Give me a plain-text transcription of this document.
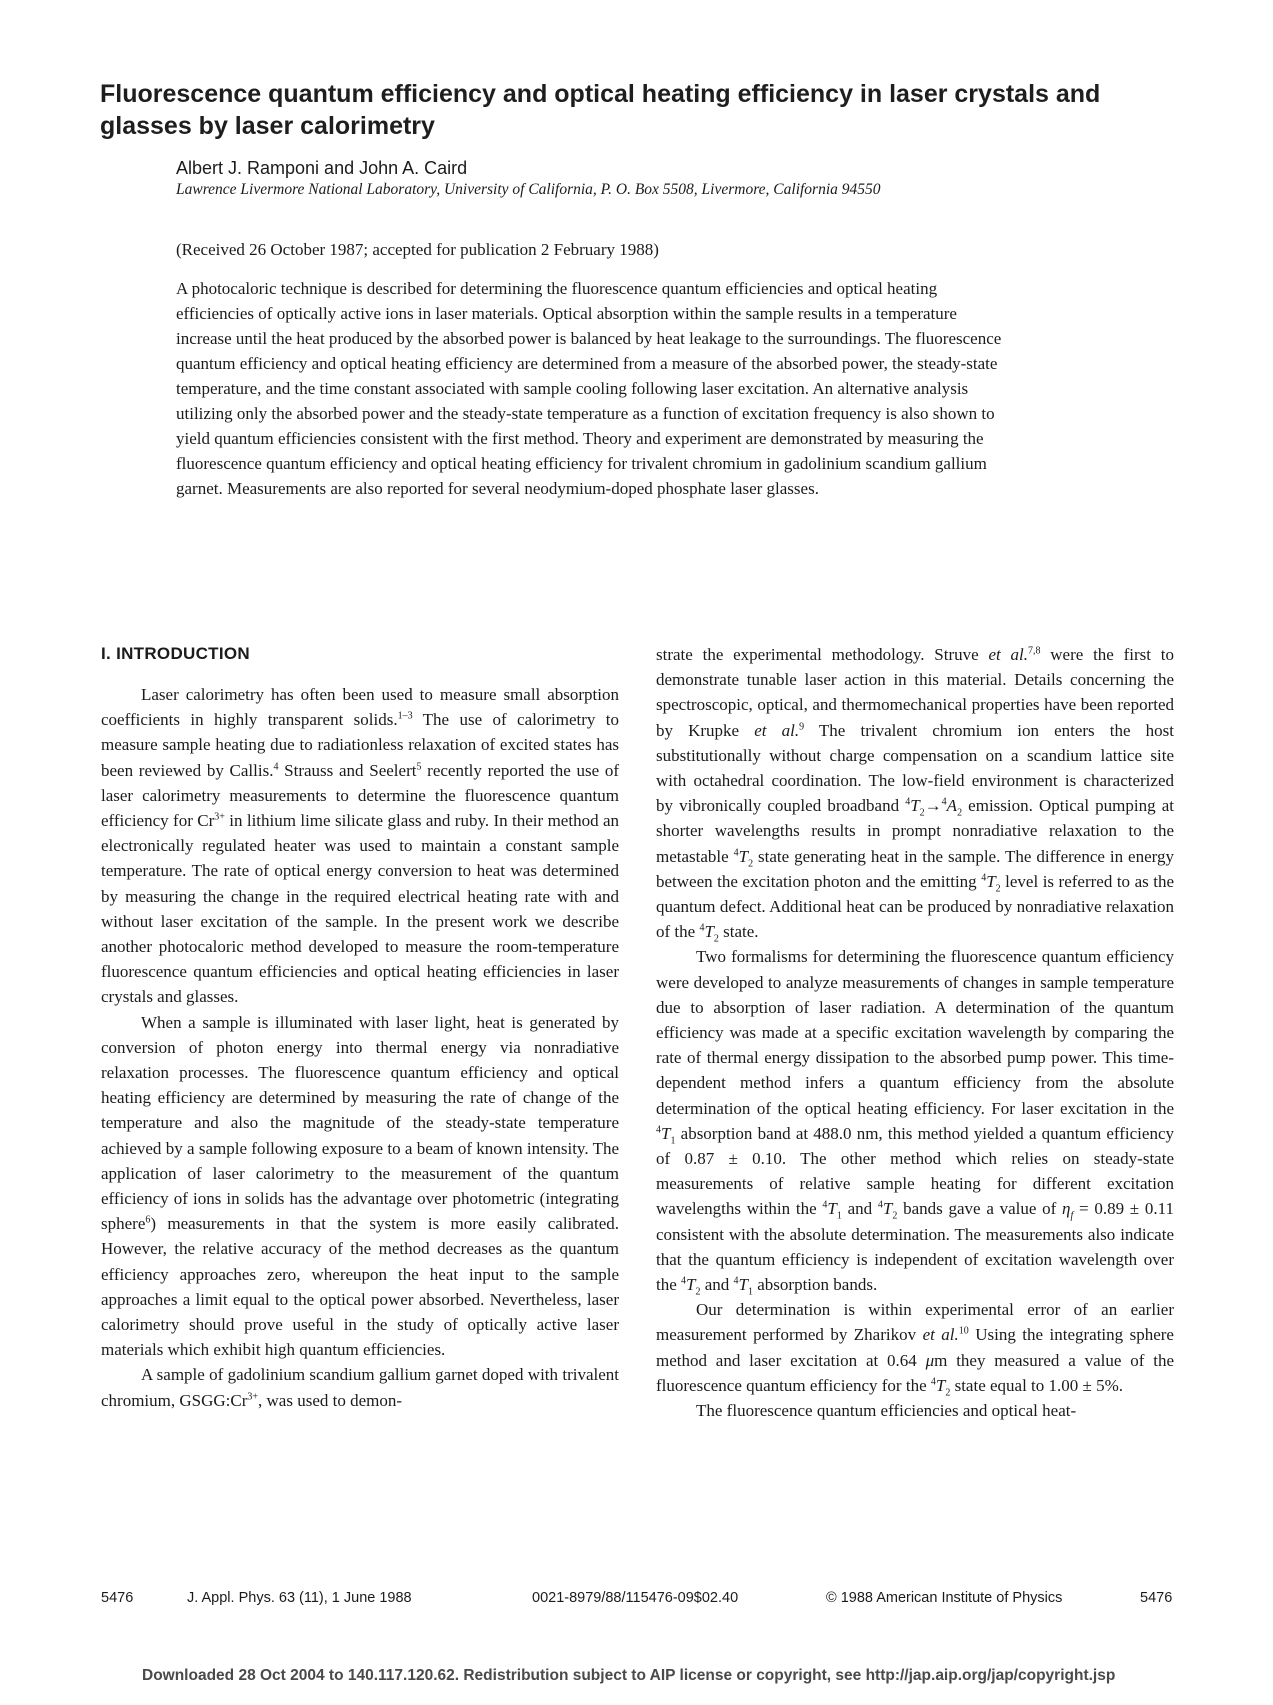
Fluorescence quantum efficiency and optical heating efficiency in laser crystals and glasses by laser calorimetry
Albert J. Ramponi and John A. Caird
Lawrence Livermore National Laboratory, University of California, P. O. Box 5508, Livermore, California 94550
(Received 26 October 1987; accepted for publication 2 February 1988)

A photocaloric technique is described for determining the fluorescence quantum efficiencies and optical heating efficiencies of optically active ions in laser materials. Optical absorption within the sample results in a temperature increase until the heat produced by the absorbed power is balanced by heat leakage to the surroundings. The fluorescence quantum efficiency and optical heating efficiency are determined from a measure of the absorbed power, the steady-state temperature, and the time constant associated with sample cooling following laser excitation. An alternative analysis utilizing only the absorbed power and the steady-state temperature as a function of excitation frequency is also shown to yield quantum efficiencies consistent with the first method. Theory and experiment are demonstrated by measuring the fluorescence quantum efficiency and optical heating efficiency for trivalent chromium in gadolinium scandium gallium garnet. Measurements are also reported for several neodymium-doped phosphate laser glasses.

I. INTRODUCTION

Laser calorimetry has often been used to measure small absorption coefficients in highly transparent solids.$^{1-3}$ The use of calorimetry to measure sample heating due to radiationless relaxation of excited states has been reviewed by Callis.$^4$ Strauss and Seelert$^5$ recently reported the use of laser calorimetry measurements to determine the fluorescence quantum efficiency for $Cr^{3+}$ in lithium lime silicate glass and ruby. In their method an electronically regulated heater was used to maintain a constant sample temperature. The rate of optical energy conversion to heat was determined by measuring the change in the required electrical heating rate with and without laser excitation of the sample. In the present work we describe another photocaloric method developed to measure the room-temperature fluorescence quantum efficiencies and optical heating efficiencies in laser crystals and glasses.

When a sample is illuminated with laser light, heat is generated by conversion of photon energy into thermal energy via nonradiative relaxation processes. The fluorescence quantum efficiency and optical heating efficiency are determined by measuring the rate of change of the temperature and also the magnitude of the steady-state temperature achieved by a sample following exposure to a beam of known intensity. The application of laser calorimetry to the measurement of the quantum efficiency of ions in solids has the advantage over photometric (integrating sphere$^6$) measurements in that the system is more easily calibrated. However, the relative accuracy of the method decreases as the quantum efficiency approaches zero, whereupon the heat input to the sample approaches a limit equal to the optical power absorbed. Nevertheless, laser calorimetry should prove useful in the study of optically active laser materials which exhibit high quantum efficiencies.

A sample of gadolinium scandium gallium garnet doped with trivalent chromium, $GSGG:Cr^{3+}$, was used to demon-

strate the experimental methodology. Struve et al.$^{7,8}$ were the first to demonstrate tunable laser action in this material. Details concerning the spectroscopic, optical, and thermomechanical properties have been reported by Krupke et al.$^9$ The trivalent chromium ion enters the host substitutionally without charge compensation on a scandium lattice site with octahedral coordination. The low-field environment is characterized by vibronically coupled broadband $^4T_2\to^4A_2$ emission. Optical pumping at shorter wavelengths results in prompt nonradiative relaxation to the metastable $^4T_2$ state generating heat in the sample. The difference in energy between the excitation photon and the emitting $^4T_2$ level is referred to as the quantum defect. Additional heat can be produced by nonradiative relaxation of the $^4T_2$ state.

Two formalisms for determining the fluorescence quantum efficiency were developed to analyze measurements of changes in sample temperature due to absorption of laser radiation. A determination of the quantum efficiency was made at a specific excitation wavelength by comparing the rate of thermal energy dissipation to the absorbed pump power. This time-dependent method infers a quantum efficiency from the absolute determination of the optical heating efficiency. For laser excitation in the $^4T_1$ absorption band at 488.0 nm, this method yielded a quantum efficiency of 0.87 ± 0.10. The other method which relies on steady-state measurements of relative sample heating for different excitation wavelengths within the $^4T_1$ and $^4T_2$ bands gave a value of $\eta_f = 0.89 \pm 0.11$ consistent with the absolute determination. The measurements also indicate that the quantum efficiency is independent of excitation wavelength over the $^4T_2$ and $^4T_1$ absorption bands.

Our determination is within experimental error of an earlier measurement performed by Zharikov et al.$^{10}$ Using the integrating sphere method and laser excitation at 0.64 μm they measured a value of the fluorescence quantum efficiency for the $^4T_2$ state equal to 1.00 ± 5%.

The fluorescence quantum efficiencies and optical heat-

5476	J. Appl. Phys. 63 (11), 1 June 1988	0021-8979/88/115476-09$02.40	© 1988 American Institute of Physics	5476
Downloaded 28 Oct 2004 to 140.117.120.62. Redistribution subject to AIP license or copyright, see http://jap.aip.org/jap/copyright.jsp
